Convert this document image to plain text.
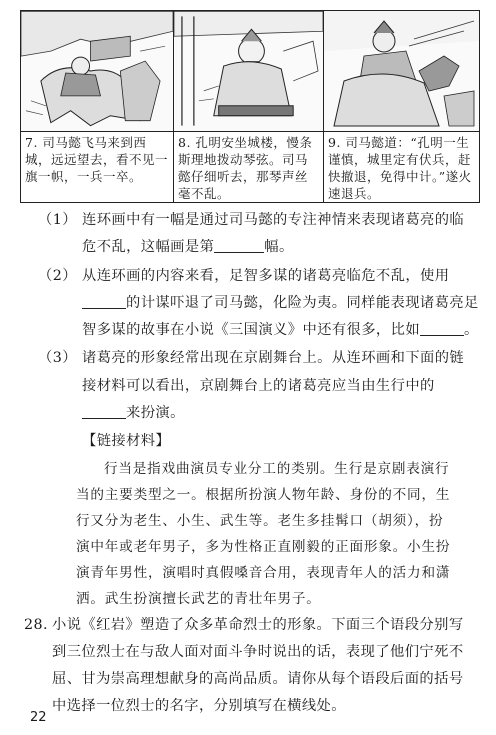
7. 司马懿飞马来到西城，远远望去，看不见一旗一帜，一兵一卒。
8. 孔明安坐城楼，慢条斯理地拨动琴弦。司马懿仔细听去，那琴声丝毫不乱。
9. 司马懿道：“孔明一生谨慎，城里定有伏兵，赶快撤退，免得中计。”遂火速退兵。
（1） 连环画中有一幅是通过司马懿的专注神情来表现诸葛亮的临
危不乱，这幅画是第	幅。
（2） 从连环画的内容来看，足智多谋的诸葛亮临危不乱，使用
的计谋吓退了司马懿，化险为夷。同样能表现诸葛亮足
智多谋的故事在小说《三国演义》中还有很多，比如	。
（3） 诸葛亮的形象经常出现在京剧舞台上。从连环画和下面的链
接材料可以看出，京剧舞台上的诸葛亮应当由生行中的
来扮演。
【链接材料】
行当是指戏曲演员专业分工的类别。生行是京剧表演行
当的主要类型之一。根据所扮演人物年龄、身份的不同，生
行又分为老生、小生、武生等。老生多挂髯口（胡须），扮
演中年或老年男子，多为性格正直刚毅的正面形象。小生扮
演青年男性，演唱时真假嗓音合用，表现青年人的活力和潇
洒。武生扮演擅长武艺的青壮年男子。
28. 小说《红岩》塑造了众多革命烈士的形象。下面三个语段分别写
到三位烈士在与敌人面对面斗争时说出的话，表现了他们宁死不
屈、甘为崇高理想献身的高尚品质。请你从每个语段后面的括号
中选择一位烈士的名字，分别填写在横线处。
22
